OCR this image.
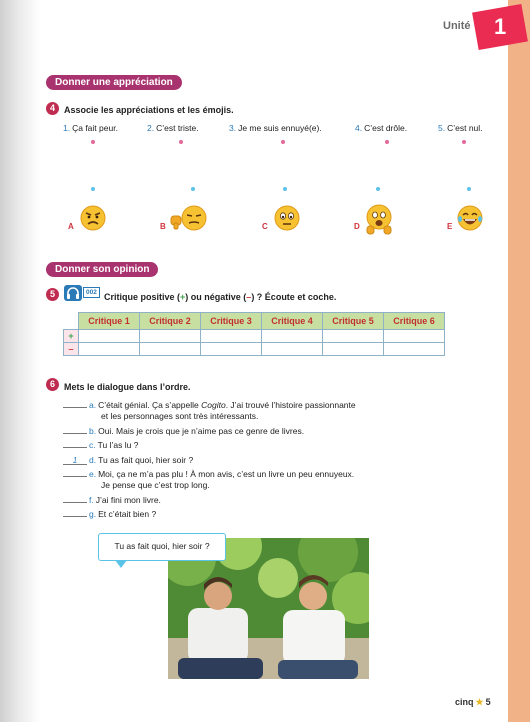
Unité 1
Donner une appréciation
4	Associe les appréciations et les émojis.
1. Ça fait peur.	2. C’est triste.	3. Je me suis ennuyé(e).	4. C’est drôle.	5. C’est nul.
A	B	C	D	E
Donner son opinion
5	002 Critique positive (+) ou négative (–) ? Écoute et coche.
	Critique 1	Critique 2	Critique 3	Critique 4	Critique 5	Critique 6
+						
–						
6	Mets le dialogue dans l’ordre.
a. C’était génial. Ça s’appelle Cogito. J’ai trouvé l’histoire passionnante
et les personnages sont très intéressants.
b. Oui. Mais je crois que je n’aime pas ce genre de livres.
c. Tu l’as lu ?
1 d. Tu as fait quoi, hier soir ?
e. Moi, ça ne m’a pas plu ! À mon avis, c’est un livre un peu ennuyeux.
Je pense que c’est trop long.
f. J’ai fini mon livre.
g. Et c’était bien ?
Tu as fait quoi, hier soir ?
cinq ★ 5
